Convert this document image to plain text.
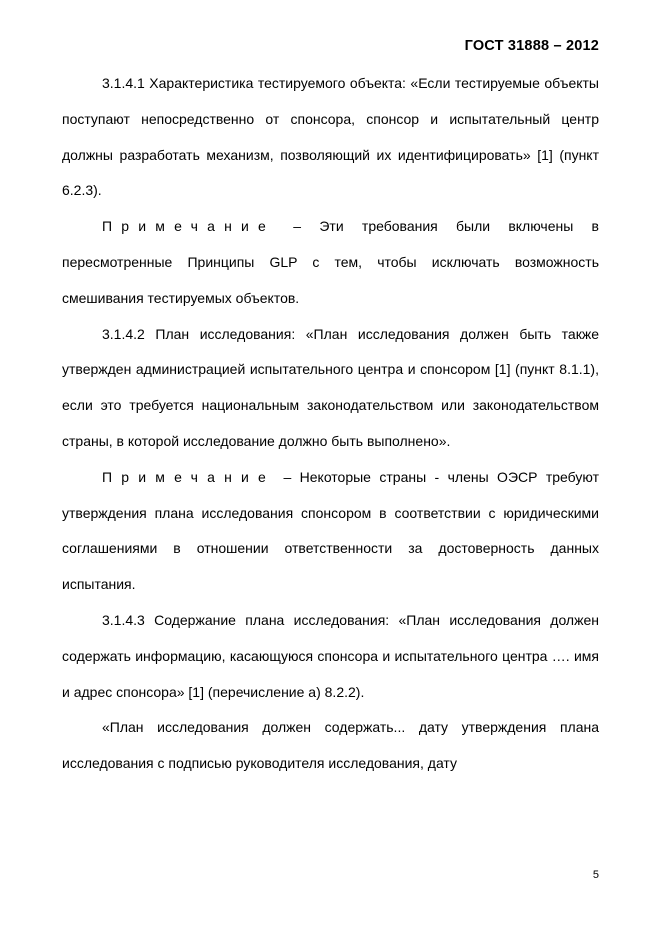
ГОСТ 31888 – 2012

3.1.4.1 Характеристика тестируемого объекта: «Если тестируемые объекты поступают непосредственно от спонсора, спонсор и испытательный центр должны разработать механизм, позволяющий их идентифицировать» [1] (пункт 6.2.3).

Примечание – Эти требования были включены в пересмотренные Принципы GLP с тем, чтобы исключать возможность смешивания тестируемых объектов.

3.1.4.2 План исследования: «План исследования должен быть также утвержден администрацией испытательного центра и спонсором [1] (пункт 8.1.1), если это требуется национальным законодательством или законодательством страны, в которой исследование должно быть выполнено».

Примечание – Некоторые страны - члены ОЭСР требуют утверждения плана исследования спонсором в соответствии с юридическими соглашениями в отношении ответственности за достоверность данных испытания.

3.1.4.3 Содержание плана исследования: «План исследования должен содержать информацию, касающуюся спонсора и испытательного центра …. имя и адрес спонсора» [1] (перечисление a) 8.2.2).

«План исследования должен содержать... дату утверждения плана исследования с подписью руководителя исследования, дату

5
